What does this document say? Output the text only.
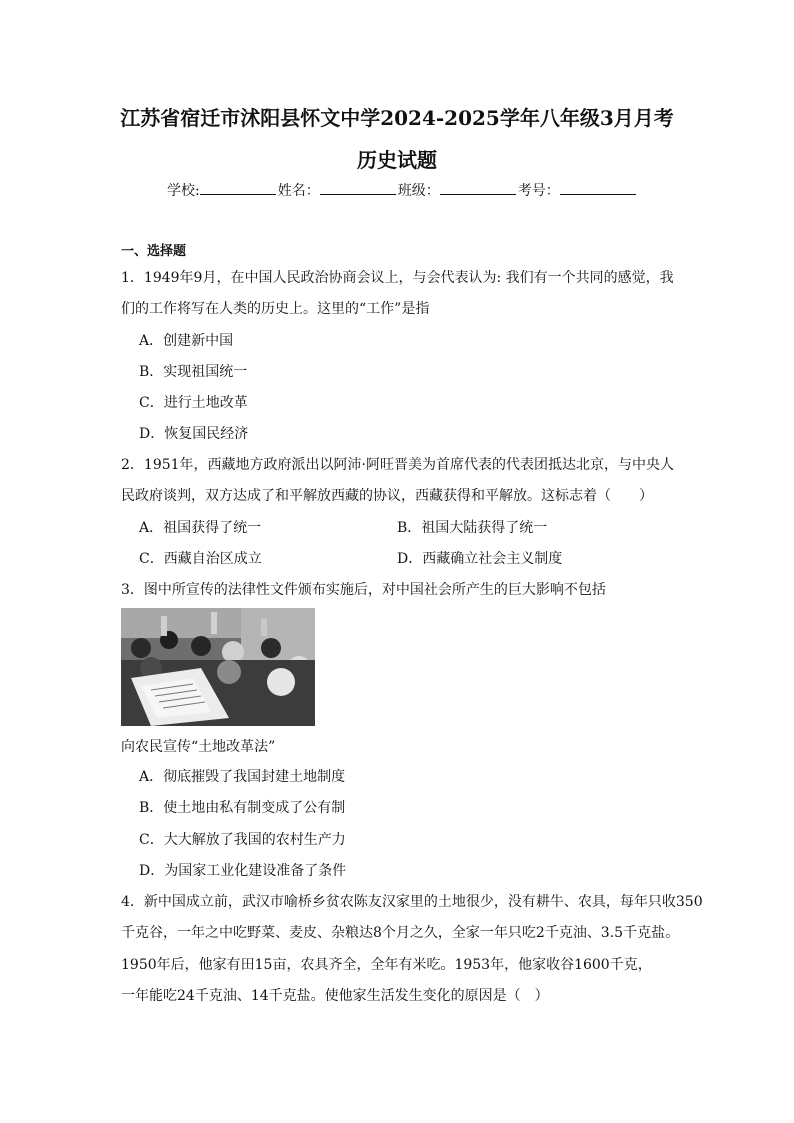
江苏省宿迁市沭阳县怀文中学2024-2025学年八年级3月月考
历史试题
学校:	姓名：	班级：	考号：
一、选择题
1．1949年9月，在中国人民政治协商会议上，与会代表认为: 我们有一个共同的感觉，我
们的工作将写在人类的历史上。这里的“工作”是指
A．创建新中国
B．实现祖国统一
C．进行土地改革
D．恢复国民经济
2．1951年，西藏地方政府派出以阿沛·阿旺晋美为首席代表的代表团抵达北京，与中央人
民政府谈判，双方达成了和平解放西藏的协议，西藏获得和平解放。这标志着（　　）
A．祖国获得了统一	B．祖国大陆获得了统一
C．西藏自治区成立	D．西藏确立社会主义制度
3．图中所宣传的法律性文件颁布实施后，对中国社会所产生的巨大影响不包括
向农民宣传“土地改革法”
A．彻底摧毁了我国封建土地制度
B．使土地由私有制变成了公有制
C．大大解放了我国的农村生产力
D．为国家工业化建设准备了条件
4．新中国成立前，武汉市喻桥乡贫农陈友汉家里的土地很少，没有耕牛、农具，每年只收350
千克谷，一年之中吃野菜、麦皮、杂粮达8个月之久，全家一年只吃2千克油、3.5千克盐。
1950年后，他家有田15亩，农具齐全，全年有米吃。1953年，他家收谷1600千克，
一年能吃24千克油、14千克盐。使他家生活发生变化的原因是（　）
